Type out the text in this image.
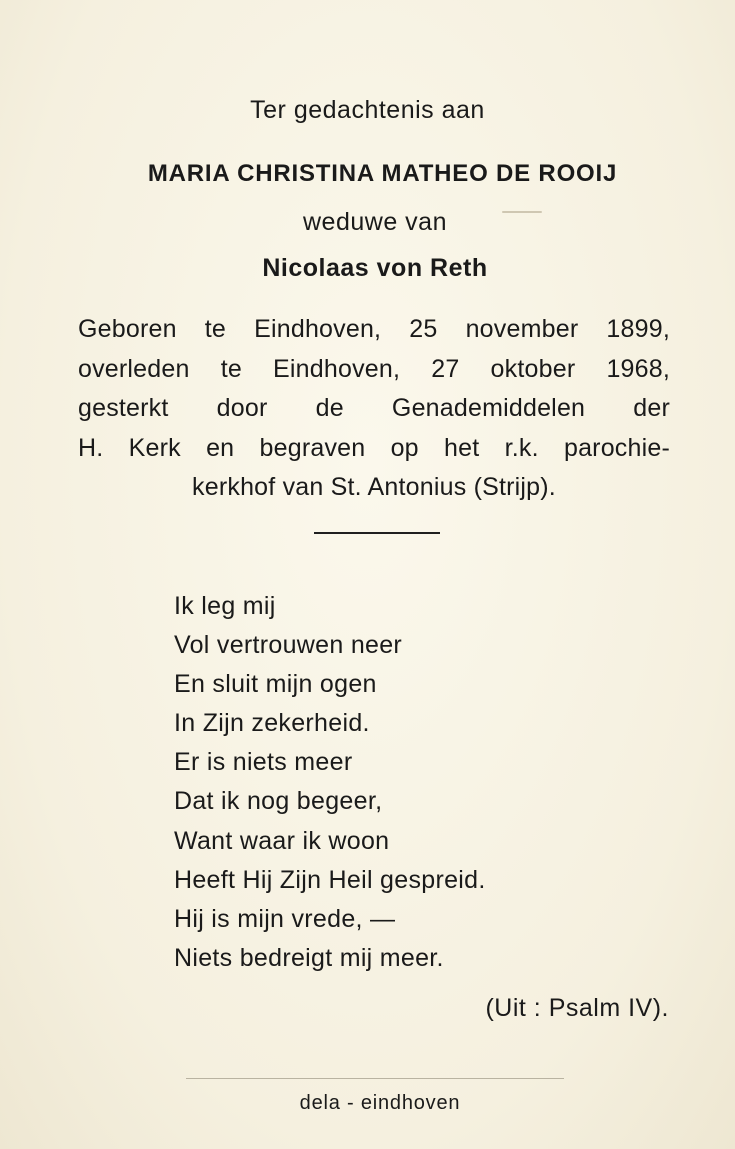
Ter gedachtenis aan
MARIA CHRISTINA MATHEO DE ROOIJ
weduwe van
Nicolaas von Reth
Geboren te Eindhoven, 25 november 1899,
overleden te Eindhoven, 27 oktober 1968,
gesterkt door de Genademiddelen der
H. Kerk en begraven op het r.k. parochie-
kerkhof van St. Antonius (Strijp).
Ik leg mij
Vol vertrouwen neer
En sluit mijn ogen
In Zijn zekerheid.
Er is niets meer
Dat ik nog begeer,
Want waar ik woon
Heeft Hij Zijn Heil gespreid.
Hij is mijn vrede, —
Niets bedreigt mij meer.
(Uit : Psalm IV).
dela - eindhoven
